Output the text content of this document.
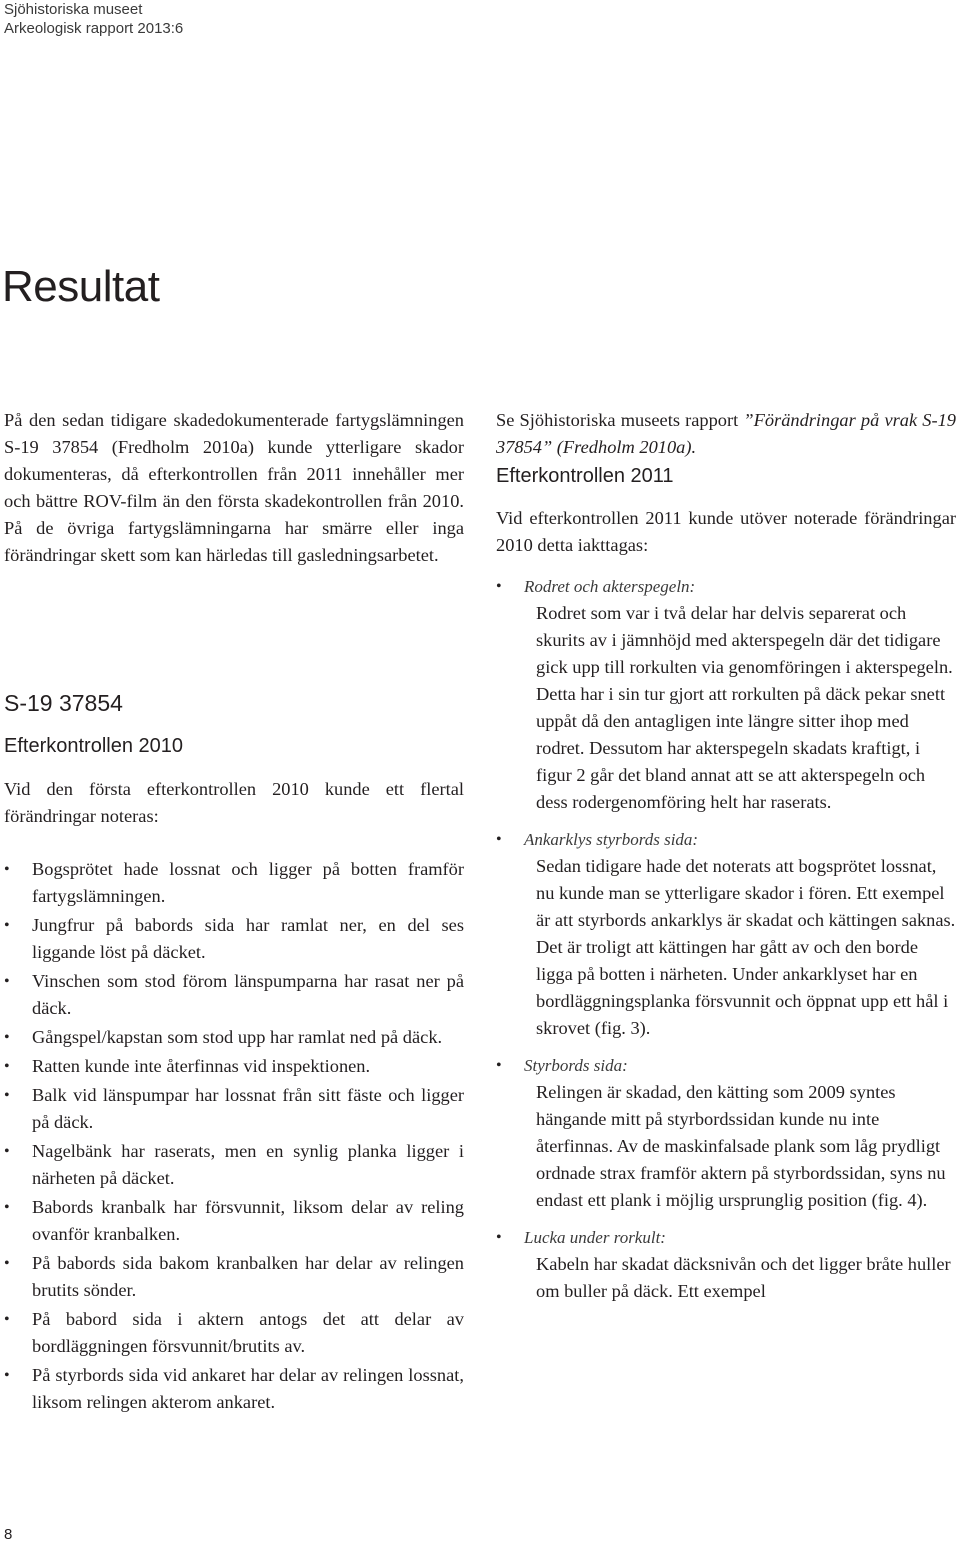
Sjöhistoriska museet
Arkeologisk rapport 2013:6
Resultat

På den sedan tidigare skadedokumenterade fartygslämningen S-19 37854 (Fredholm 2010a) kunde ytterligare skador dokumenteras, då efterkontrollen från 2011 innehåller mer och bättre ROV-film än den första skadekontrollen från 2010. På de övriga fartygslämningarna har smärre eller inga förändringar skett som kan härledas till gasledningsarbetet.

S-19 37854
Efterkontrollen 2010

Vid den första efterkontrollen 2010 kunde ett flertal förändringar noteras:

• Bogsprötet hade lossnat och ligger på botten framför fartygslämningen.
• Jungfrur på babords sida har ramlat ner, en del ses liggande löst på däcket.
• Vinschen som stod förom länspumparna har rasat ner på däck.
• Gångspel/kapstan som stod upp har ramlat ned på däck.
• Ratten kunde inte återfinnas vid inspektionen.
• Balk vid länspumpar har lossnat från sitt fäste och ligger på däck.
• Nagelbänk har raserats, men en synlig planka ligger i närheten på däcket.
• Babords kranbalk har försvunnit, liksom delar av reling ovanför kranbalken.
• På babords sida bakom kranbalken har delar av relingen brutits sönder.
• På babord sida i aktern antogs det att delar av bordläggningen försvunnit/brutits av.
• På styrbords sida vid ankaret har delar av relingen lossnat, liksom relingen akterom ankaret.

Se Sjöhistoriska museets rapport ”Förändringar på vrak S-19 37854” (Fredholm 2010a).

Efterkontrollen 2011

Vid efterkontrollen 2011 kunde utöver noterade förändringar 2010 detta iakttagas:

• Rodret och akterspegeln:
Rodret som var i två delar har delvis separerat och skurits av i jämnhöjd med akterspegeln där det tidigare gick upp till rorkulten via genomföringen i akterspegeln. Detta har i sin tur gjort att rorkulten på däck pekar snett uppåt då den antagligen inte längre sitter ihop med rodret. Dessutom har akterspegeln skadats kraftigt, i figur 2 går det bland annat att se att akterspegeln och dess rodergenomföring helt har raserats.
• Ankarklys styrbords sida:
Sedan tidigare hade det noterats att bogsprötet lossnat, nu kunde man se ytterligare skador i fören. Ett exempel är att styrbords ankarklys är skadat och kättingen saknas. Det är troligt att kättingen har gått av och den borde ligga på botten i närheten. Under ankarklyset har en bordläggningsplanka försvunnit och öppnat upp ett hål i skrovet (fig. 3).
• Styrbords sida:
Relingen är skadad, den kätting som 2009 syntes hängande mitt på styrbordssidan kunde nu inte återfinnas. Av de maskinfalsade plank som låg prydligt ordnade strax framför aktern på styrbordssidan, syns nu endast ett plank i möjlig ursprunglig position (fig. 4).
• Lucka under rorkult:
Kabeln har skadat däcksnivån och det ligger bråte huller om buller på däck. Ett exempel
8
